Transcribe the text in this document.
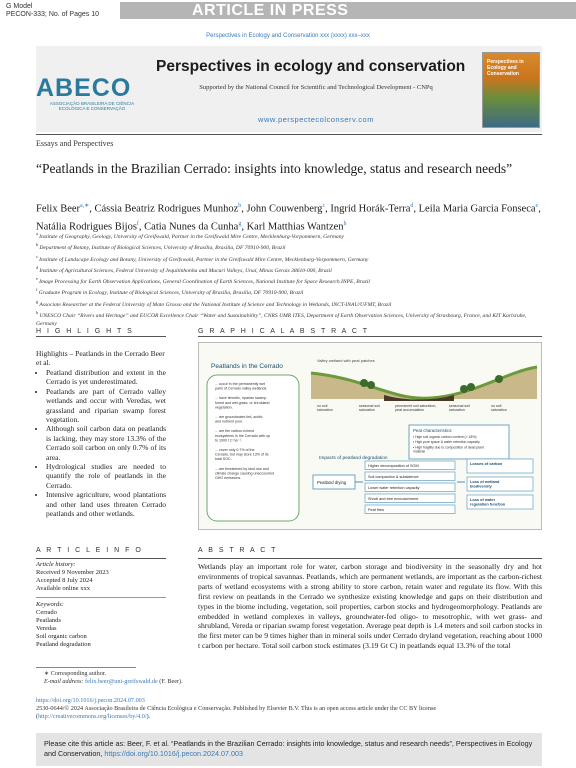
G Model
PECON-333; No. of Pages 10	ARTICLE IN PRESS
Perspectives in Ecology and Conservation xxx (xxxx) xxx–xxx
ABECO
ASSOCIAÇÃO BRASILEIRA DE CIÊNCIA ECOLÓGICA E CONSERVAÇÃO
Perspectives in ecology and conservation
Supported by the National Council for Scientific and Technological Development - CNPq
www.perspectecolconserv.com
Perspectives in Ecology and Conservation
Essays and Perspectives
“Peatlands in the Brazilian Cerrado: insights into knowledge, status and research needs”
Felix Beer$^{a,∗}$, Cássia Beatriz Rodrigues Munhoz$^b$, John Couwenberg$^c$, Ingrid Horák-Terra$^d$, Leila Maria Garcia Fonseca$^e$, Natália Rodrigues Bijos$^f$, Catia Nunes da Cunha$^g$, Karl Matthias Wantzen$^h$
$^a$ Institute of Geography, Geology, University of Greifswald, Partner in the Greifswald Mire Centre, Mecklenburg-Vorpommern, Germany
$^b$ Department of Botany, Institute of Biological Sciences, University of Brasília, Brasília, DF 70910-900, Brazil
$^c$ Institute of Landscape Ecology and Botany, University of Greifswald, Partner in the Greifswald Mire Centre, Mecklenburg-Vorpommern, Germany
$^d$ Institute of Agricultural Sciences, Federal University of Jequitinhonha and Mucuri Valleys, Unaí, Minas Gerais 38610-000, Brazil
$^e$ Image Processing for Earth Observation Applications, General Coordination of Earth Sciences, National Institute for Space Research INPE, Brazil
$^f$ Graduate Program in Ecology, Institute of Biological Sciences, University of Brasília, Brasília, DF 70910-900, Brazil
$^g$ Associate Researcher at the Federal University of Mato Grosso and the National Institute of Science and Technology in Wetlands, INCT-INAU/UFMT, Brazil
$^h$ UNESCO Chair “Rivers and Heritage” and EUCOR Excellence Chair “Water and Sustainability”, CNRS UMR ITES, Department of Earth Observation Sciences, University of Strasbourg, France, and KIT Karlsruhe, Germany
H I G H L I G H T S
Highlights – Peatlands in the Cerrado Beer et al.
• Peatland distribution and extent in the Cerrado is yet underestimated.
• Peatlands are part of Cerrado valley wetlands and occur with Veredas, wet grassland and riparian swamp forest vegetation.
• Although soil carbon data on peatlands is lacking, they may store 13.3% of the Cerrado soil carbon on only 0.7% of its area.
• Hydrological studies are needed to quantify the role of peatlands in the Cerrado.
• Intensive agriculture, wood plantations and other land uses threaten Cerrado peatlands and other wetlands.
G R A P H I C A L A B S T R A C T
Peatlands in the Cerrado
... occur in the permanently wet parts of Cerrado valley wetlands.
... have limnetic, riparian swamp forest and wet grass- or shrubland vegetation.
... are groundwater-fed, acidic and nutrient poor.
... are the carbon-richest ecosystems in the Cerrado with up to 1000 t C ha⁻¹.
... cover only 0.7% of the Cerrado, but may store 13% of its total SOC.
... are threatened by land use and climate change causing unaccounted GHG emissions.
Valley wetland with peat patches
no soil saturation
seasonal soil saturation
permanent soil saturation, peat accumulation
seasonal soil saturation
no soil saturation
Peat characteristics:
• High soil organic carbon content (> 18%)
• High pore space & water retention capacity
• High fragility due to composition of dead plant material
Impacts of peatland degradation
Peatland drying
Higher decomposition of SOM
Soil compaction & subsidence
Lower water retention capacity
Shrub and tree encroachment
Peat fires
Losses of carbon
Loss of wetland biodiversity
Loss of water regulation function
A R T I C L E I N F O
Article history:
Received 9 November 2023
Accepted 8 July 2024
Available online xxx
Keywords:
Cerrado
Peatlands
Veredas
Soil organic carbon
Peatland degradation
A B S T R A C T
Wetlands play an important role for water, carbon storage and biodiversity in the seasonally dry and hot environments of tropical savannas. Peatlands, which are permanent wetlands, are important as the carbon-richest parts of wetland ecosystems with a strong ability to store carbon, retain water and regulate its flow. With this first review on peatlands in the Cerrado we synthesize existing knowledge and gaps on their distribution and types in the biome including, vegetation, soil properties, carbon stocks and hydrogeomorphology. Peatlands are embedded in wetland complexes in valleys, groundwater-fed oligo- to mesotrophic, with wet grass- and shrubland, Vereda or riparian swamp forest vegetation. Average peat depth is 1.4 meters and soil carbon stocks in the first meter can be 9 times higher than in mineral soils under Cerrado dryland vegetation, reaching about 1000 t carbon per hectare. Total soil carbon stock estimates (3.19 Gt C) in peatlands equal 13.3% of the total
∗ Corresponding author.
E-mail address: felix.beer@uni-greifswald.de (F. Beer).
https://doi.org/10.1016/j.pecon.2024.07.003
2530-0644/© 2024 Associação Brasileira de Ciência Ecológica e Conservação. Published by Elsevier B.V. This is an open access article under the CC BY license (http://creativecommons.org/licenses/by/4.0/).
Please cite this article as: Beer, F. et al. “Peatlands in the Brazilian Cerrado: insights into knowledge, status and research needs”, Perspectives in Ecology and Conservation, https://doi.org/10.1016/j.pecon.2024.07.003
